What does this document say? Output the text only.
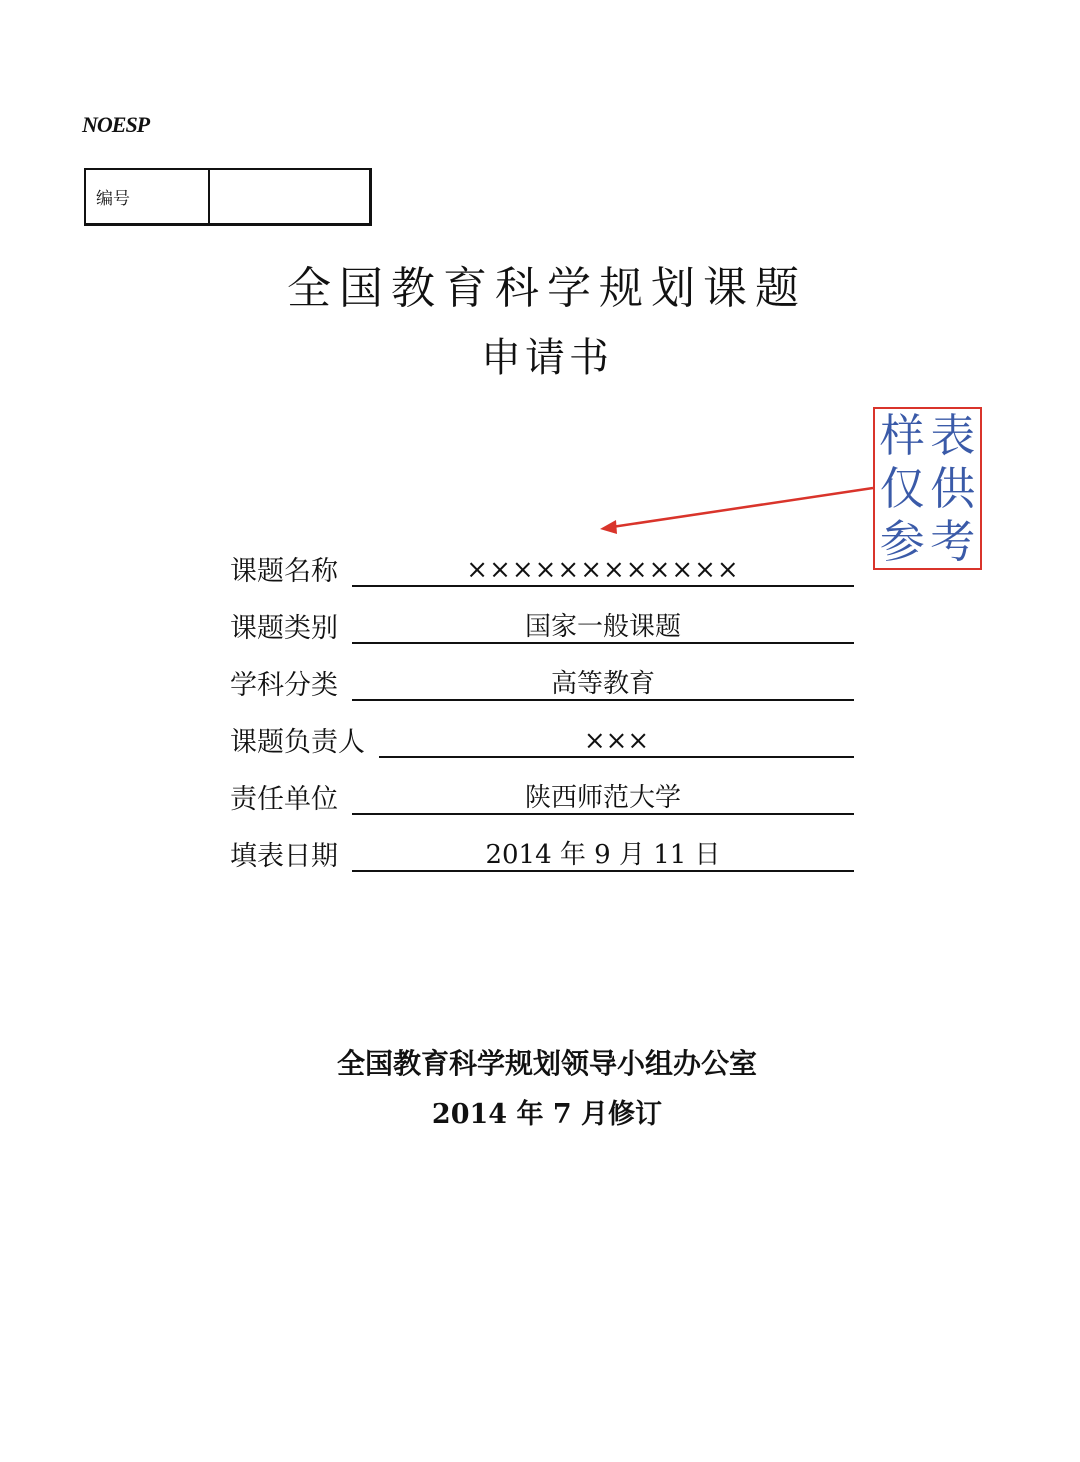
NOESP
编号
全国教育科学规划课题
申请书
样 表
仅 供
参 考
课题名称	××××××××××××
课题类别	国家一般课题
学科分类	高等教育
课题负责人	×××
责任单位	陕西师范大学
填表日期	2014 年 9 月 11 日
全国教育科学规划领导小组办公室
2014 年 7 月修订
